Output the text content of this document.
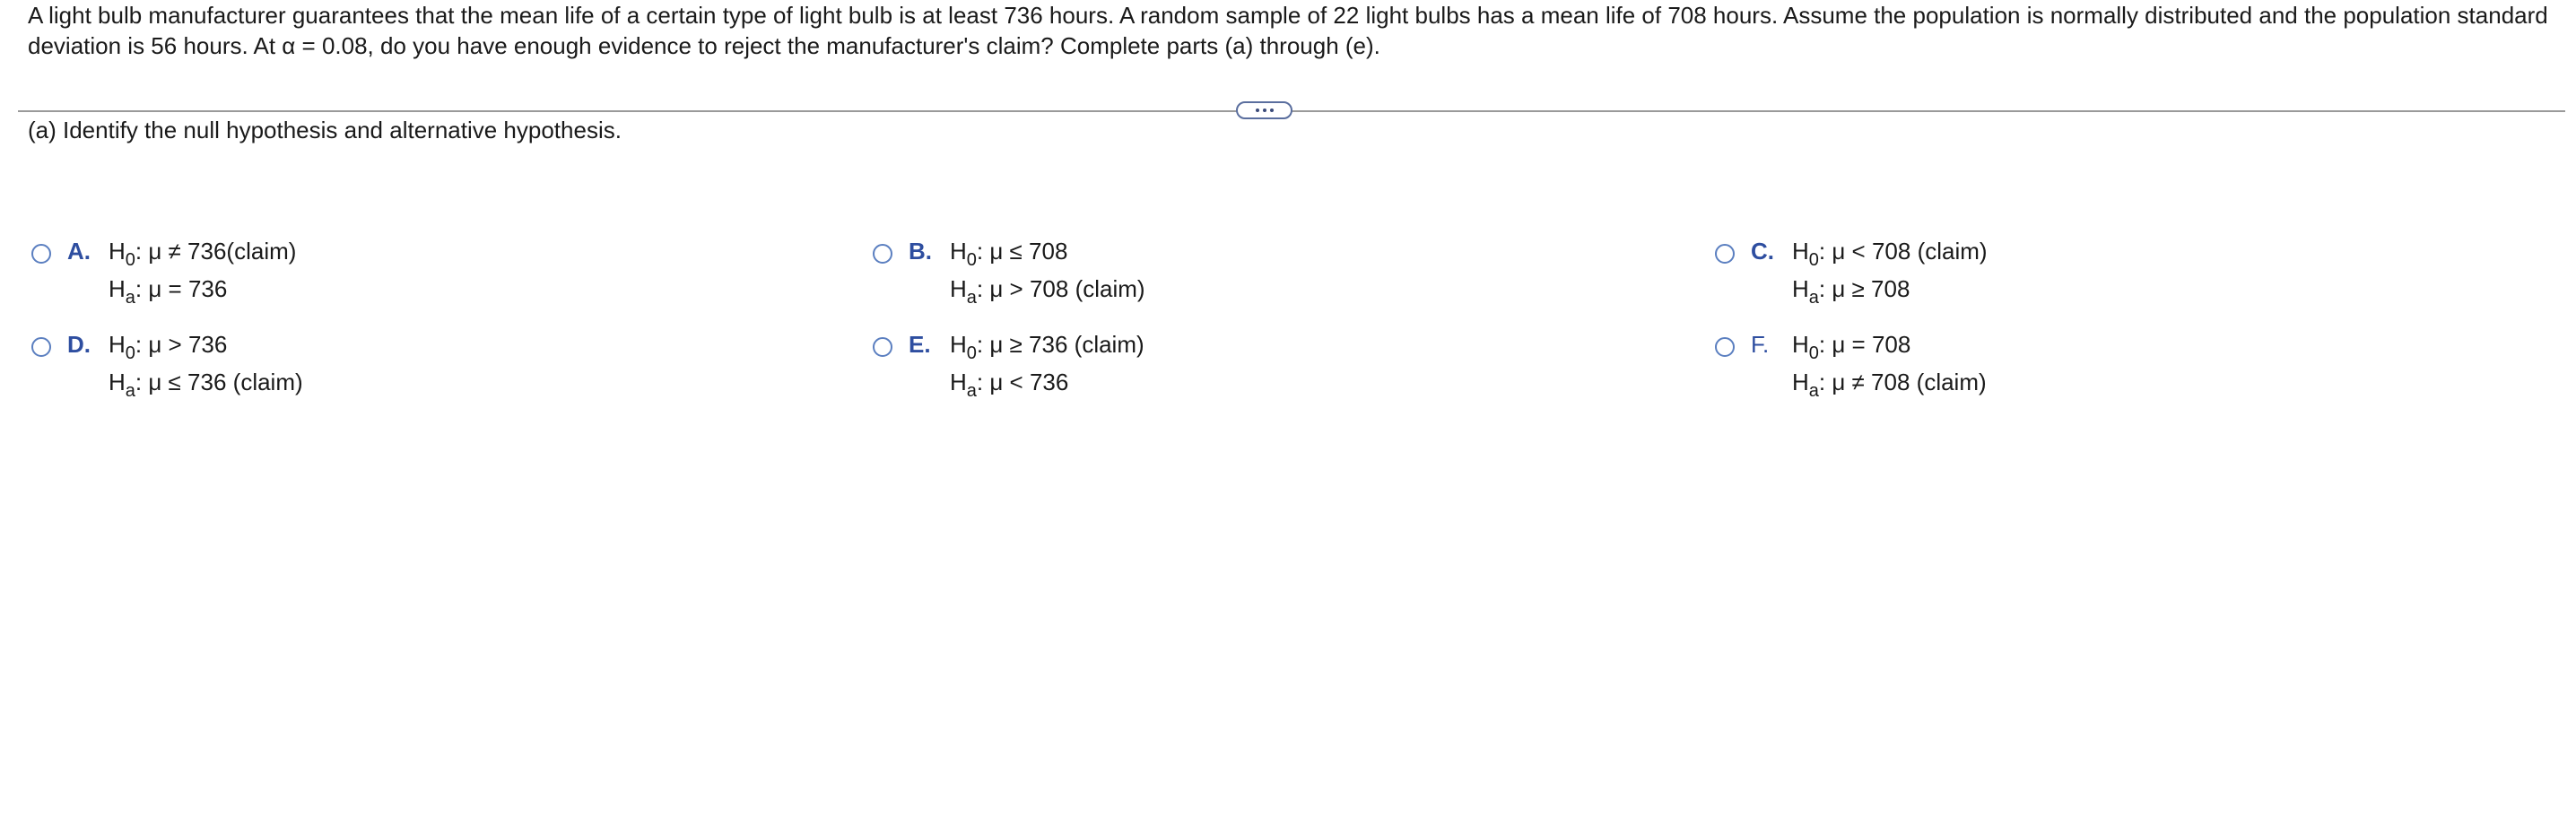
A light bulb manufacturer guarantees that the mean life of a certain type of light bulb is at least 736 hours. A random sample of 22 light bulbs has a mean life of 708 hours. Assume the population is normally distributed and the population standard

deviation is 56 hours. At α = 0.08, do you have enough evidence to reject the manufacturer's claim? Complete parts (a) through (e).

(a) Identify the null hypothesis and alternative hypothesis.
A. $H_0$: μ ≠ 736(claim)
$H_a$: μ = 736
B. $H_0$: μ ≤ 708
$H_a$: μ > 708 (claim)
C. $H_0$: μ < 708 (claim)
$H_a$: μ ≥ 708
D. $H_0$: μ > 736
$H_a$: μ ≤ 736 (claim)
E. $H_0$: μ ≥ 736 (claim)
$H_a$: μ < 736
F. $H_0$: μ = 708
$H_a$: μ ≠ 708 (claim)
